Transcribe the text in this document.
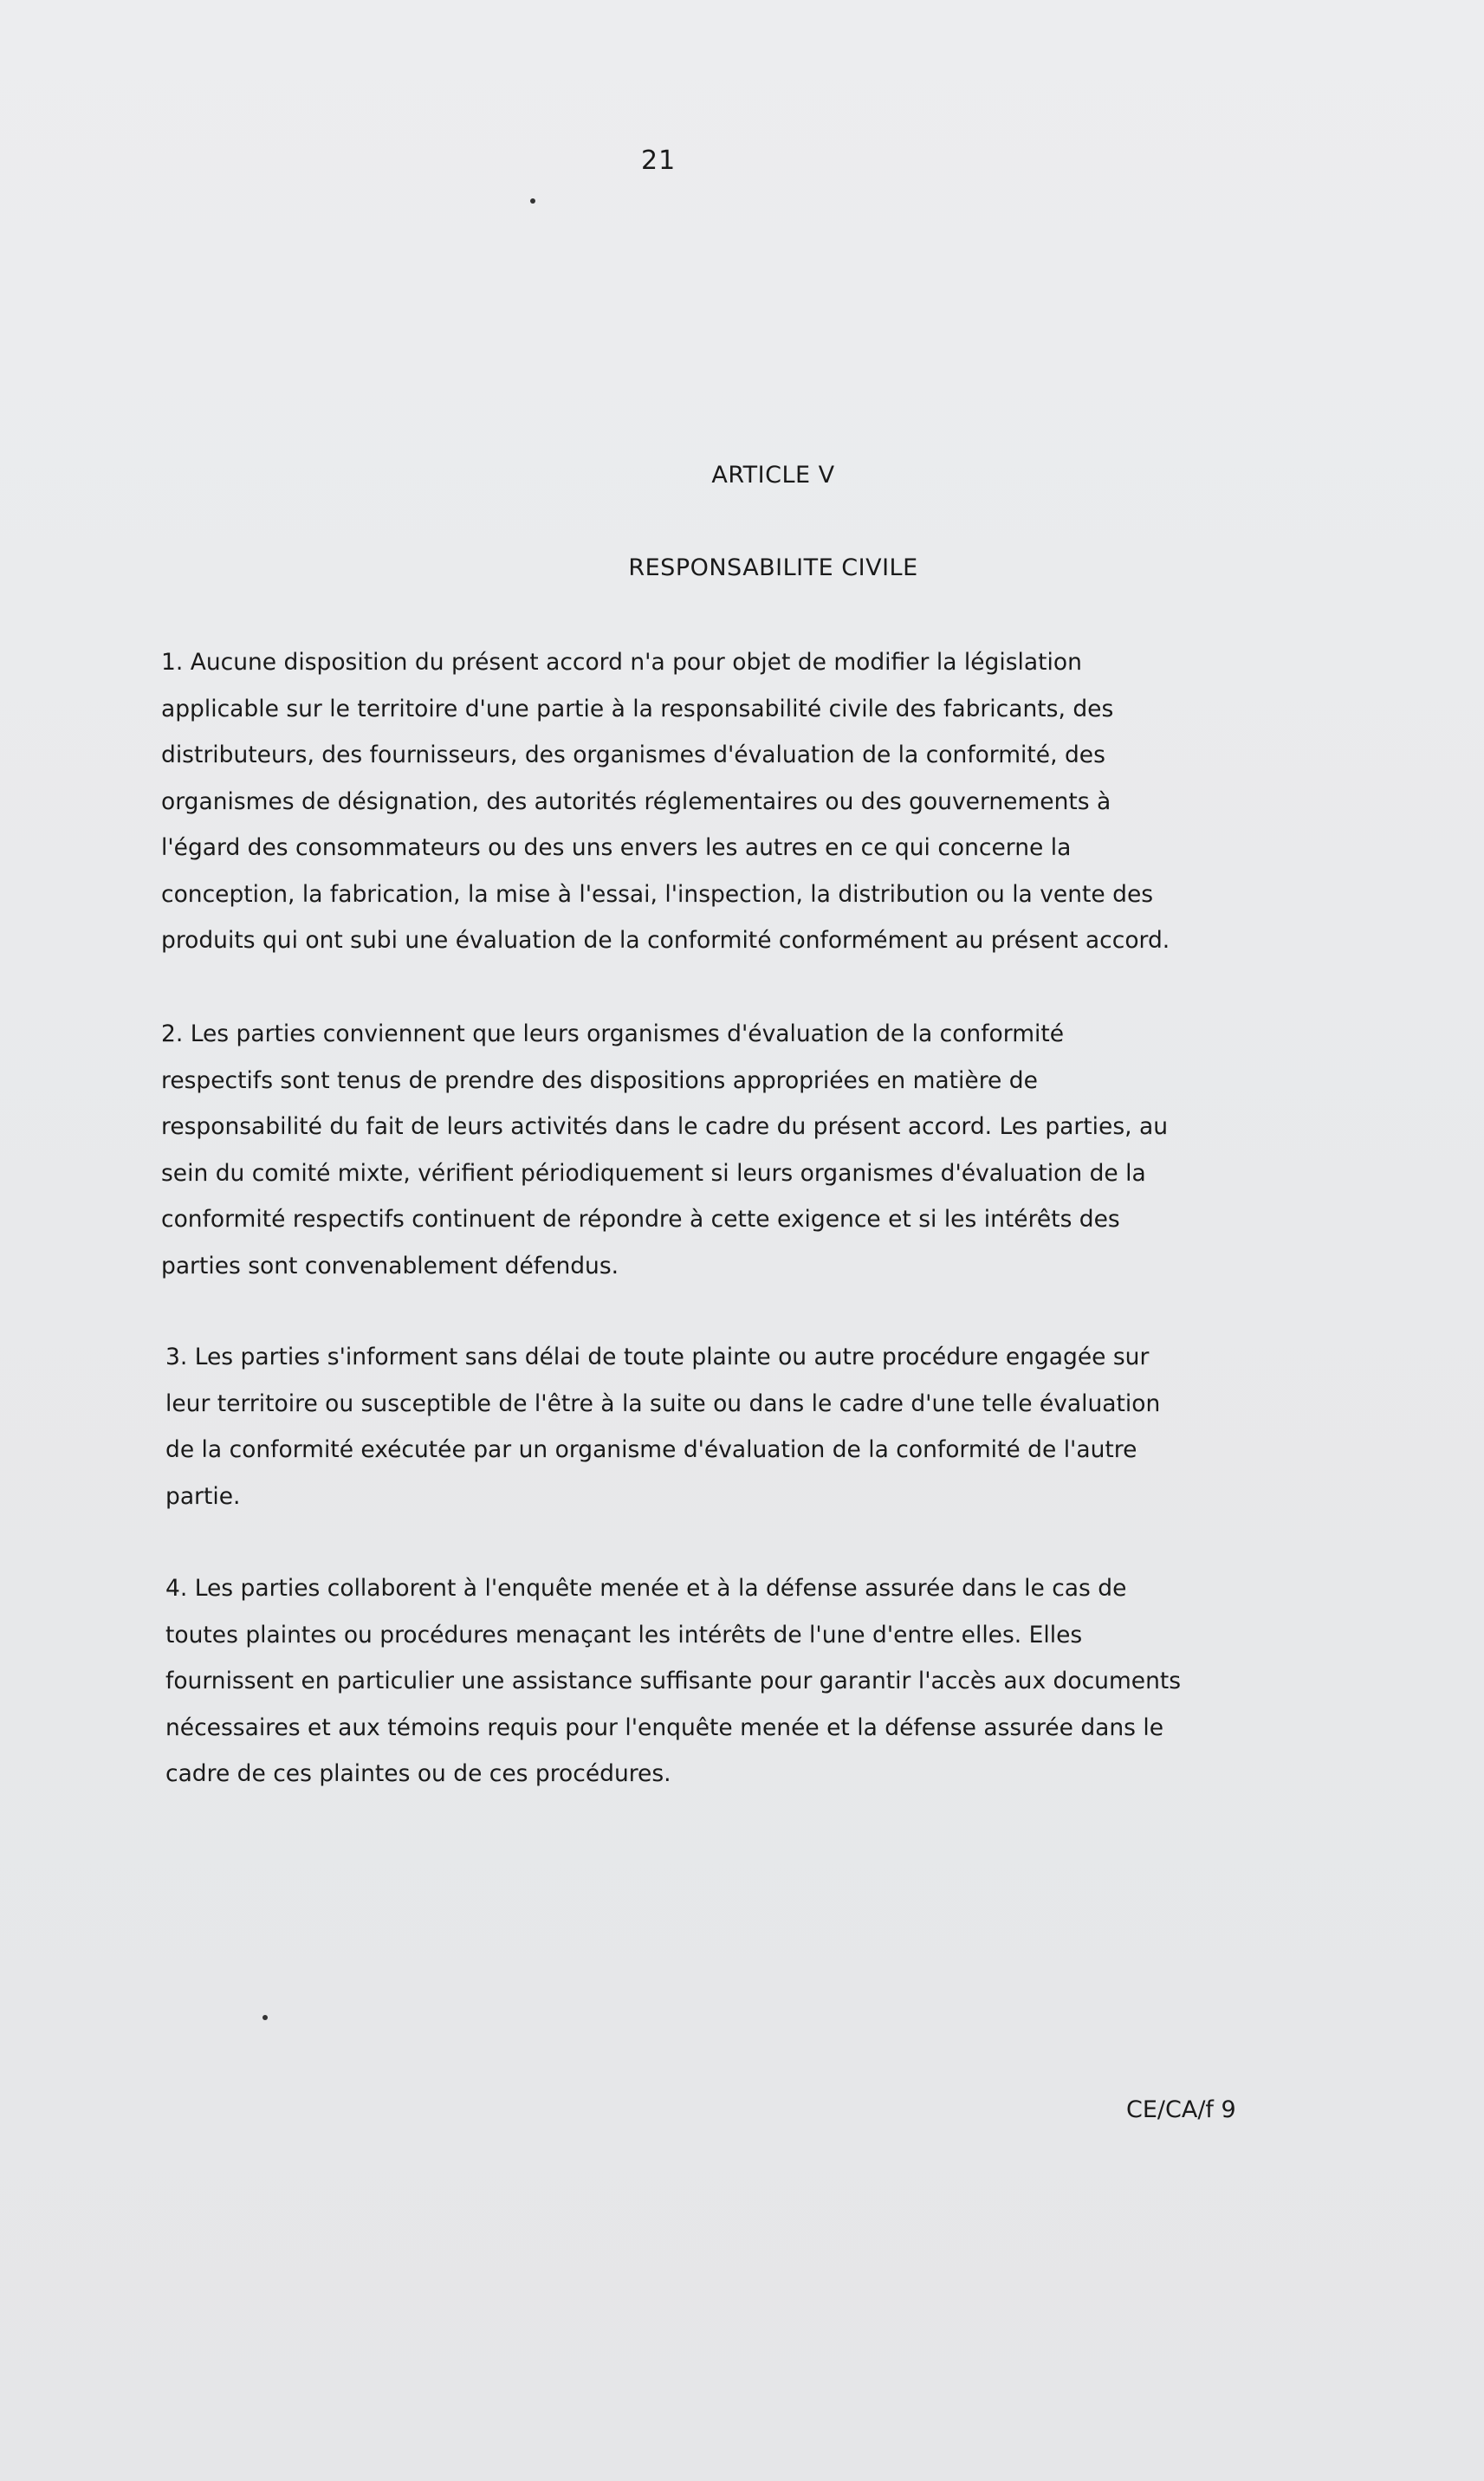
21
ARTICLE V
RESPONSABILITE CIVILE

1. Aucune disposition du présent accord n'a pour objet de modifier la législation
applicable sur le territoire d'une partie à la responsabilité civile des fabricants, des
distributeurs, des fournisseurs, des organismes d'évaluation de la conformité, des
organismes de désignation, des autorités réglementaires ou des gouvernements à
l'égard des consommateurs ou des uns envers les autres en ce qui concerne la
conception, la fabrication, la mise à l'essai, l'inspection, la distribution ou la vente des
produits qui ont subi une évaluation de la conformité conformément au présent accord.

2. Les parties conviennent que leurs organismes d'évaluation de la conformité
respectifs sont tenus de prendre des dispositions appropriées en matière de
responsabilité du fait de leurs activités dans le cadre du présent accord. Les parties, au
sein du comité mixte, vérifient périodiquement si leurs organismes d'évaluation de la
conformité respectifs continuent de répondre à cette exigence et si les intérêts des
parties sont convenablement défendus.

3. Les parties s'informent sans délai de toute plainte ou autre procédure engagée sur
leur territoire ou susceptible de l'être à la suite ou dans le cadre d'une telle évaluation
de la conformité exécutée par un organisme d'évaluation de la conformité de l'autre
partie.

4. Les parties collaborent à l'enquête menée et à la défense assurée dans le cas de
toutes plaintes ou procédures menaçant les intérêts de l'une d'entre elles. Elles
fournissent en particulier une assistance suffisante pour garantir l'accès aux documents
nécessaires et aux témoins requis pour l'enquête menée et la défense assurée dans le
cadre de ces plaintes ou de ces procédures.

CE/CA/f 9
